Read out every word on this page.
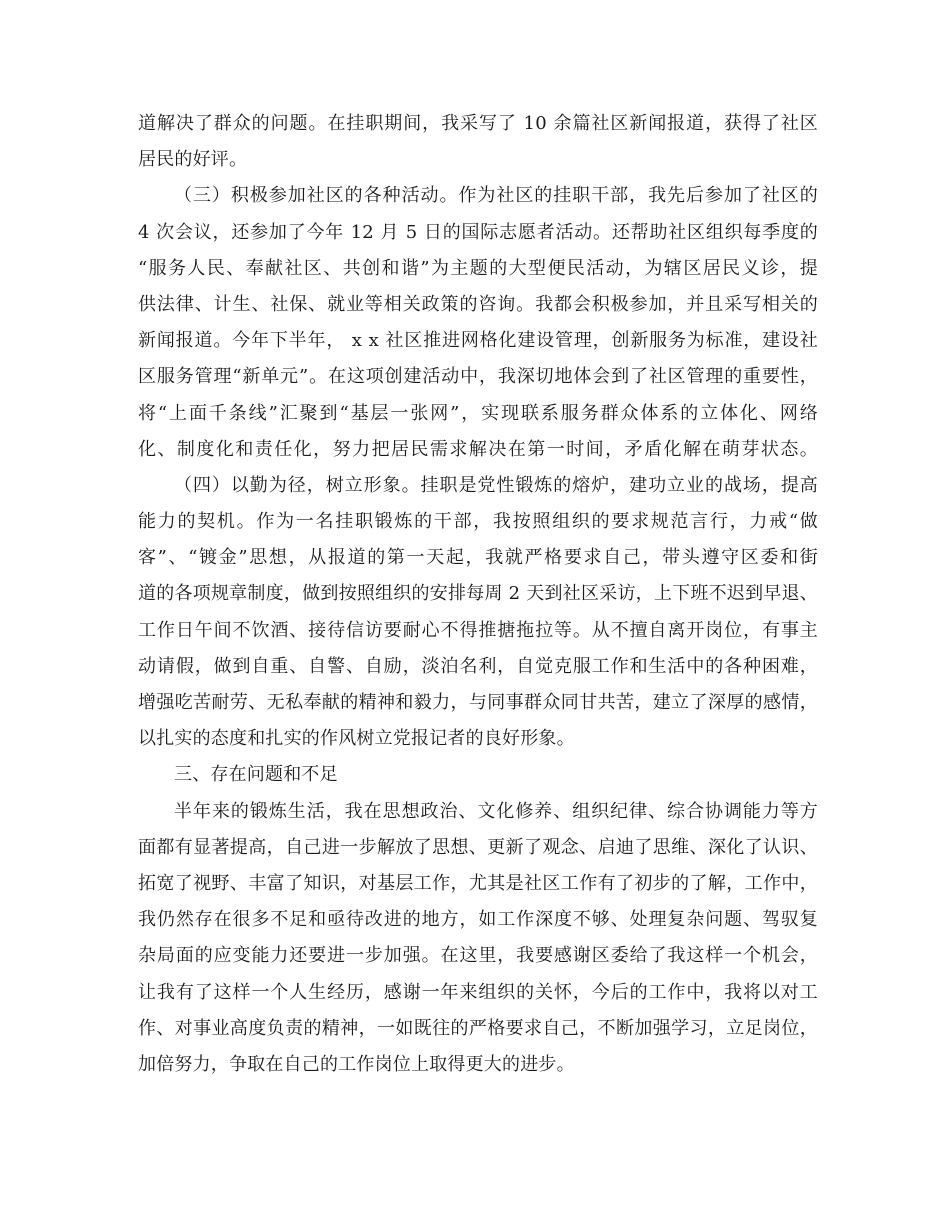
道解决了群众的问题。在挂职期间，我采写了 10 余篇社区新闻报道，获得了社区
居民的好评。
（三）积极参加社区的各种活动。作为社区的挂职干部，我先后参加了社区的
4 次会议，还参加了今年 12 月 5 日的国际志愿者活动。还帮助社区组织每季度的
“服务人民、奉献社区、共创和谐”为主题的大型便民活动，为辖区居民义诊，提
供法律、计生、社保、就业等相关政策的咨询。我都会积极参加，并且采写相关的
新闻报道。今年下半年， x x 社区推进网格化建设管理，创新服务为标准，建设社
区服务管理“新单元”。在这项创建活动中，我深切地体会到了社区管理的重要性，
将“上面千条线”汇聚到“基层一张网”，实现联系服务群众体系的立体化、网络
化、制度化和责任化，努力把居民需求解决在第一时间，矛盾化解在萌芽状态。
（四）以勤为径，树立形象。挂职是党性锻炼的熔炉，建功立业的战场，提高
能力的契机。作为一名挂职锻炼的干部，我按照组织的要求规范言行，力戒“做
客”、“镀金”思想，从报道的第一天起，我就严格要求自己，带头遵守区委和街
道的各项规章制度，做到按照组织的安排每周 2 天到社区采访，上下班不迟到早退、
工作日午间不饮酒、接待信访要耐心不得推搪拖拉等。从不擅自离开岗位，有事主
动请假，做到自重、自警、自励，淡泊名利，自觉克服工作和生活中的各种困难，
增强吃苦耐劳、无私奉献的精神和毅力，与同事群众同甘共苦，建立了深厚的感情，
以扎实的态度和扎实的作风树立党报记者的良好形象。
三、存在问题和不足
半年来的锻炼生活，我在思想政治、文化修养、组织纪律、综合协调能力等方
面都有显著提高，自己进一步解放了思想、更新了观念、启迪了思维、深化了认识、
拓宽了视野、丰富了知识，对基层工作，尤其是社区工作有了初步的了解，工作中，
我仍然存在很多不足和亟待改进的地方，如工作深度不够、处理复杂问题、驾驭复
杂局面的应变能力还要进一步加强。在这里，我要感谢区委给了我这样一个机会，
让我有了这样一个人生经历，感谢一年来组织的关怀，今后的工作中，我将以对工
作、对事业高度负责的精神，一如既往的严格要求自己，不断加强学习，立足岗位，
加倍努力，争取在自己的工作岗位上取得更大的进步。
